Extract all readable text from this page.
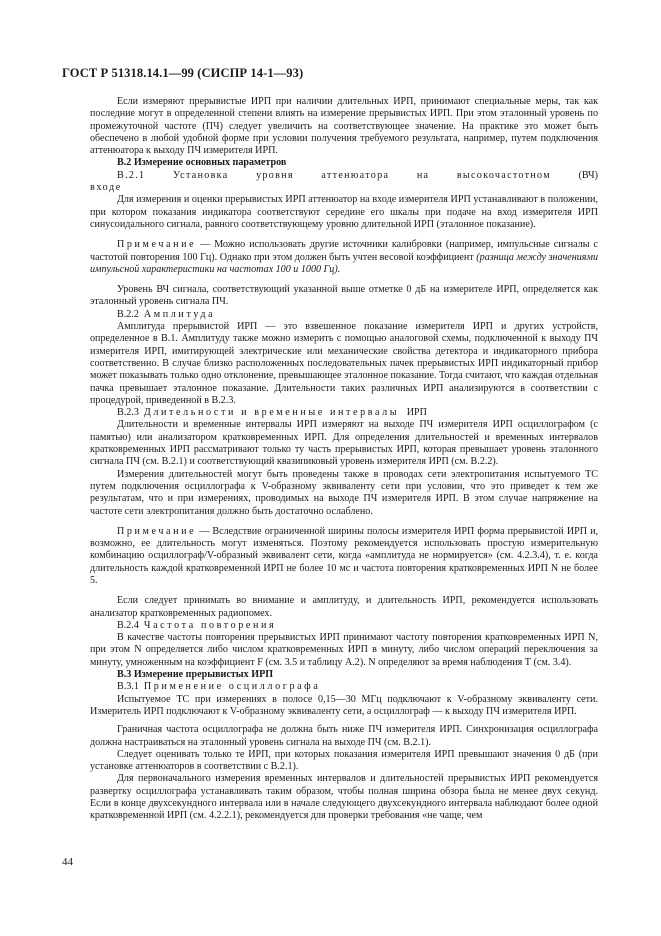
ГОСТ Р 51318.14.1—99 (СИСПР 14-1—93)

Если измеряют прерывистые ИРП при наличии длительных ИРП, принимают специальные меры, так как последние могут в определенной степени влиять на измерение прерывистых ИРП. При этом эталонный уровень по промежуточной частоте (ПЧ) следует увеличить на соответствующее значение. На практике это может быть обеспечено в любой удобной форме при условии получения требуемого результата, например, путем подключения аттенюатора к выходу ПЧ измерителя ИРП.

В.2 Измерение основных параметров

В.2.1	Установка	уровня	аттенюатора	на	высокочастотном	(ВЧ)

входе

Для измерения и оценки прерывистых ИРП аттенюатор на входе измерителя ИРП устанавливают в положении, при котором показания индикатора соответствуют середине его шкалы при подаче на вход измерителя ИРП синусоидального сигнала, равного соответствующему уровню длительной ИРП (эталонное показание).

Примечание — Можно использовать другие источники калибровки (например, импульсные сигналы с частотой повторения 100 Гц). Однако при этом должен быть учтен весовой коэффициент (разница между значениями импульсной характеристики на частотах 100 и 1000 Гц).

Уровень ВЧ сигнала, соответствующий указанной выше отметке 0 дБ на измерителе ИРП, определяется как эталонный уровень сигнала ПЧ.

В.2.2 Амплитуда

Амплитуда прерывистой ИРП — это взвешенное показание измерителя ИРП и других устройств, определенное в В.1. Амплитуду также можно измерить с помощью аналоговой схемы, подключенной к выходу ПЧ измерителя ИРП, имитирующей электрические или механические свойства детектора и индикаторного прибора соответственно. В случае близко расположенных последовательных пачек прерывистых ИРП индикаторный прибор может показывать только одно отклонение, превышающее эталонное показание. Тогда считают, что каждая отдельная пачка превышает эталонное показание. Длительности таких различных ИРП анализируются в соответствии с процедурой, приведенной в В.2.3.

В.2.3 Длительности и временные интервалы ИРП

Длительности и временные интервалы ИРП измеряют на выходе ПЧ измерителя ИРП осциллографом (с памятью) или анализатором кратковременных ИРП. Для определения длительностей и временных интервалов кратковременных ИРП рассматривают только ту часть прерывистых ИРП, которая превышает уровень эталонного сигнала ПЧ (см. В.2.1) и соответствующий квазипиковый уровень измерителя ИРП (см. В.2.2).

Измерения длительностей могут быть проведены также в проводах сети электропитания испытуемого ТС путем подключения осциллографа к V-образному эквиваленту сети при условии, что это приведет к тем же результатам, что и при измерениях, проводимых на выходе ПЧ измерителя ИРП. В этом случае напряжение на частоте сети электропитания должно быть достаточно ослаблено.

Примечание — Вследствие ограниченной ширины полосы измерителя ИРП форма прерывистой ИРП и, возможно, ее длительность могут изменяться. Поэтому рекомендуется использовать простую измерительную комбинацию осциллограф/V-образный эквивалент сети, когда «амплитуда не нормируется» (см. 4.2.3.4), т. е. когда длительность каждой кратковременной ИРП не более 10 мс и частота повторения кратковременных ИРП N не более 5.

Если следует принимать во внимание и амплитуду, и длительность ИРП, рекомендуется использовать анализатор кратковременных радиопомех.

В.2.4 Частота повторения

В качестве частоты повторения прерывистых ИРП принимают частоту повторения кратковременных ИРП N, при этом N определяется либо числом кратковременных ИРП в минуту, либо числом операций переключения за минуту, умноженным на коэффициент F (см. 3.5 и таблицу А.2). N определяют за время наблюдения Т (см. 3.4).

В.3 Измерение прерывистых ИРП

В.3.1 Применение осциллографа

Испытуемое ТС при измерениях в полосе 0,15—30 МГц подключают к V-образному эквиваленту сети. Измеритель ИРП подключают к V-образному эквиваленту сети, а осциллограф — к выходу ПЧ измерителя ИРП.

Граничная частота осциллографа не должна быть ниже ПЧ измерителя ИРП. Синхронизация осциллографа должна настраиваться на эталонный уровень сигнала на выходе ПЧ (см. В.2.1).

Следует оценивать только те ИРП, при которых показания измерителя ИРП превышают значения 0 дБ (при установке аттенюаторов в соответствии с В.2.1).

Для первоначального измерения временных интервалов и длительностей прерывистых ИРП рекомендуется развертку осциллографа устанавливать таким образом, чтобы полная ширина обзора была не менее двух секунд. Если в конце двухсекундного интервала или в начале следующего двухсекундного интервала наблюдают более одной кратковременной ИРП (см. 4.2.2.1), рекомендуется для проверки требования «не чаще, чем

44
